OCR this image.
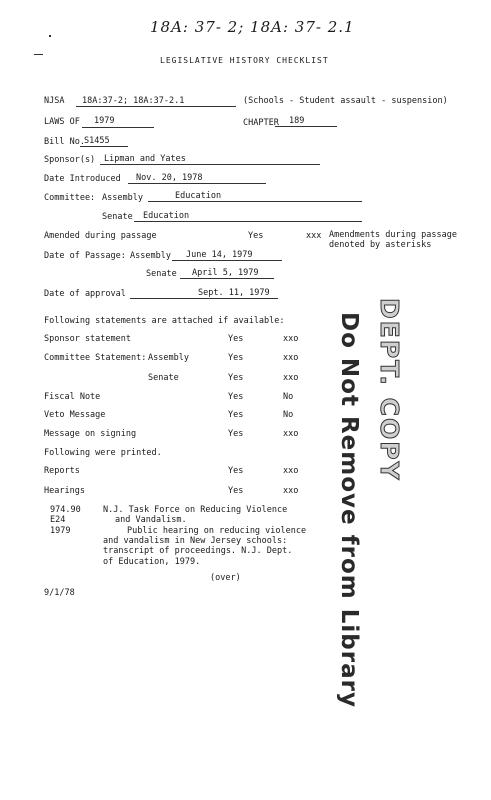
18A: 37- 2; 18A: 37- 2.1
LEGISLATIVE HISTORY CHECKLIST
NJSA 18A:37-2; 18A:37-2.1	(Schools - Student assault - suspension)
LAWS OF 1979	CHAPTER 189
Bill No. S1455
Sponsor(s) Lipman and Yates
Date Introduced Nov. 20, 1978
Committee: Assembly	Education
Senate Education
Amended during passage	Yes	xxx Amendments during passage
denoted by asterisks
Date of Passage: Assembly June 14, 1979
Senate April 5, 1979
Date of approval	Sept. 11, 1979
Following statements are attached if available:
Sponsor statement	Yes	xxo
Committee Statement: Assembly	Yes	xxo
Senate	Yes	xxo
Fiscal Note	Yes	No
Veto Message	Yes	No
Message on signing	Yes	xxo
Following were printed.
Reports	Yes	xxo
Hearings	Yes	xxo
974.90
E24
1979
N.J. Task Force on Reducing Violence
and Vandalism.
Public hearing on reducing violence
and vandalism in New Jersey schools:
transcript of proceedings. N.J. Dept.
of Education, 1979.
(over)
9/1/78	Do Not Remove from Library DEPT. COPY
